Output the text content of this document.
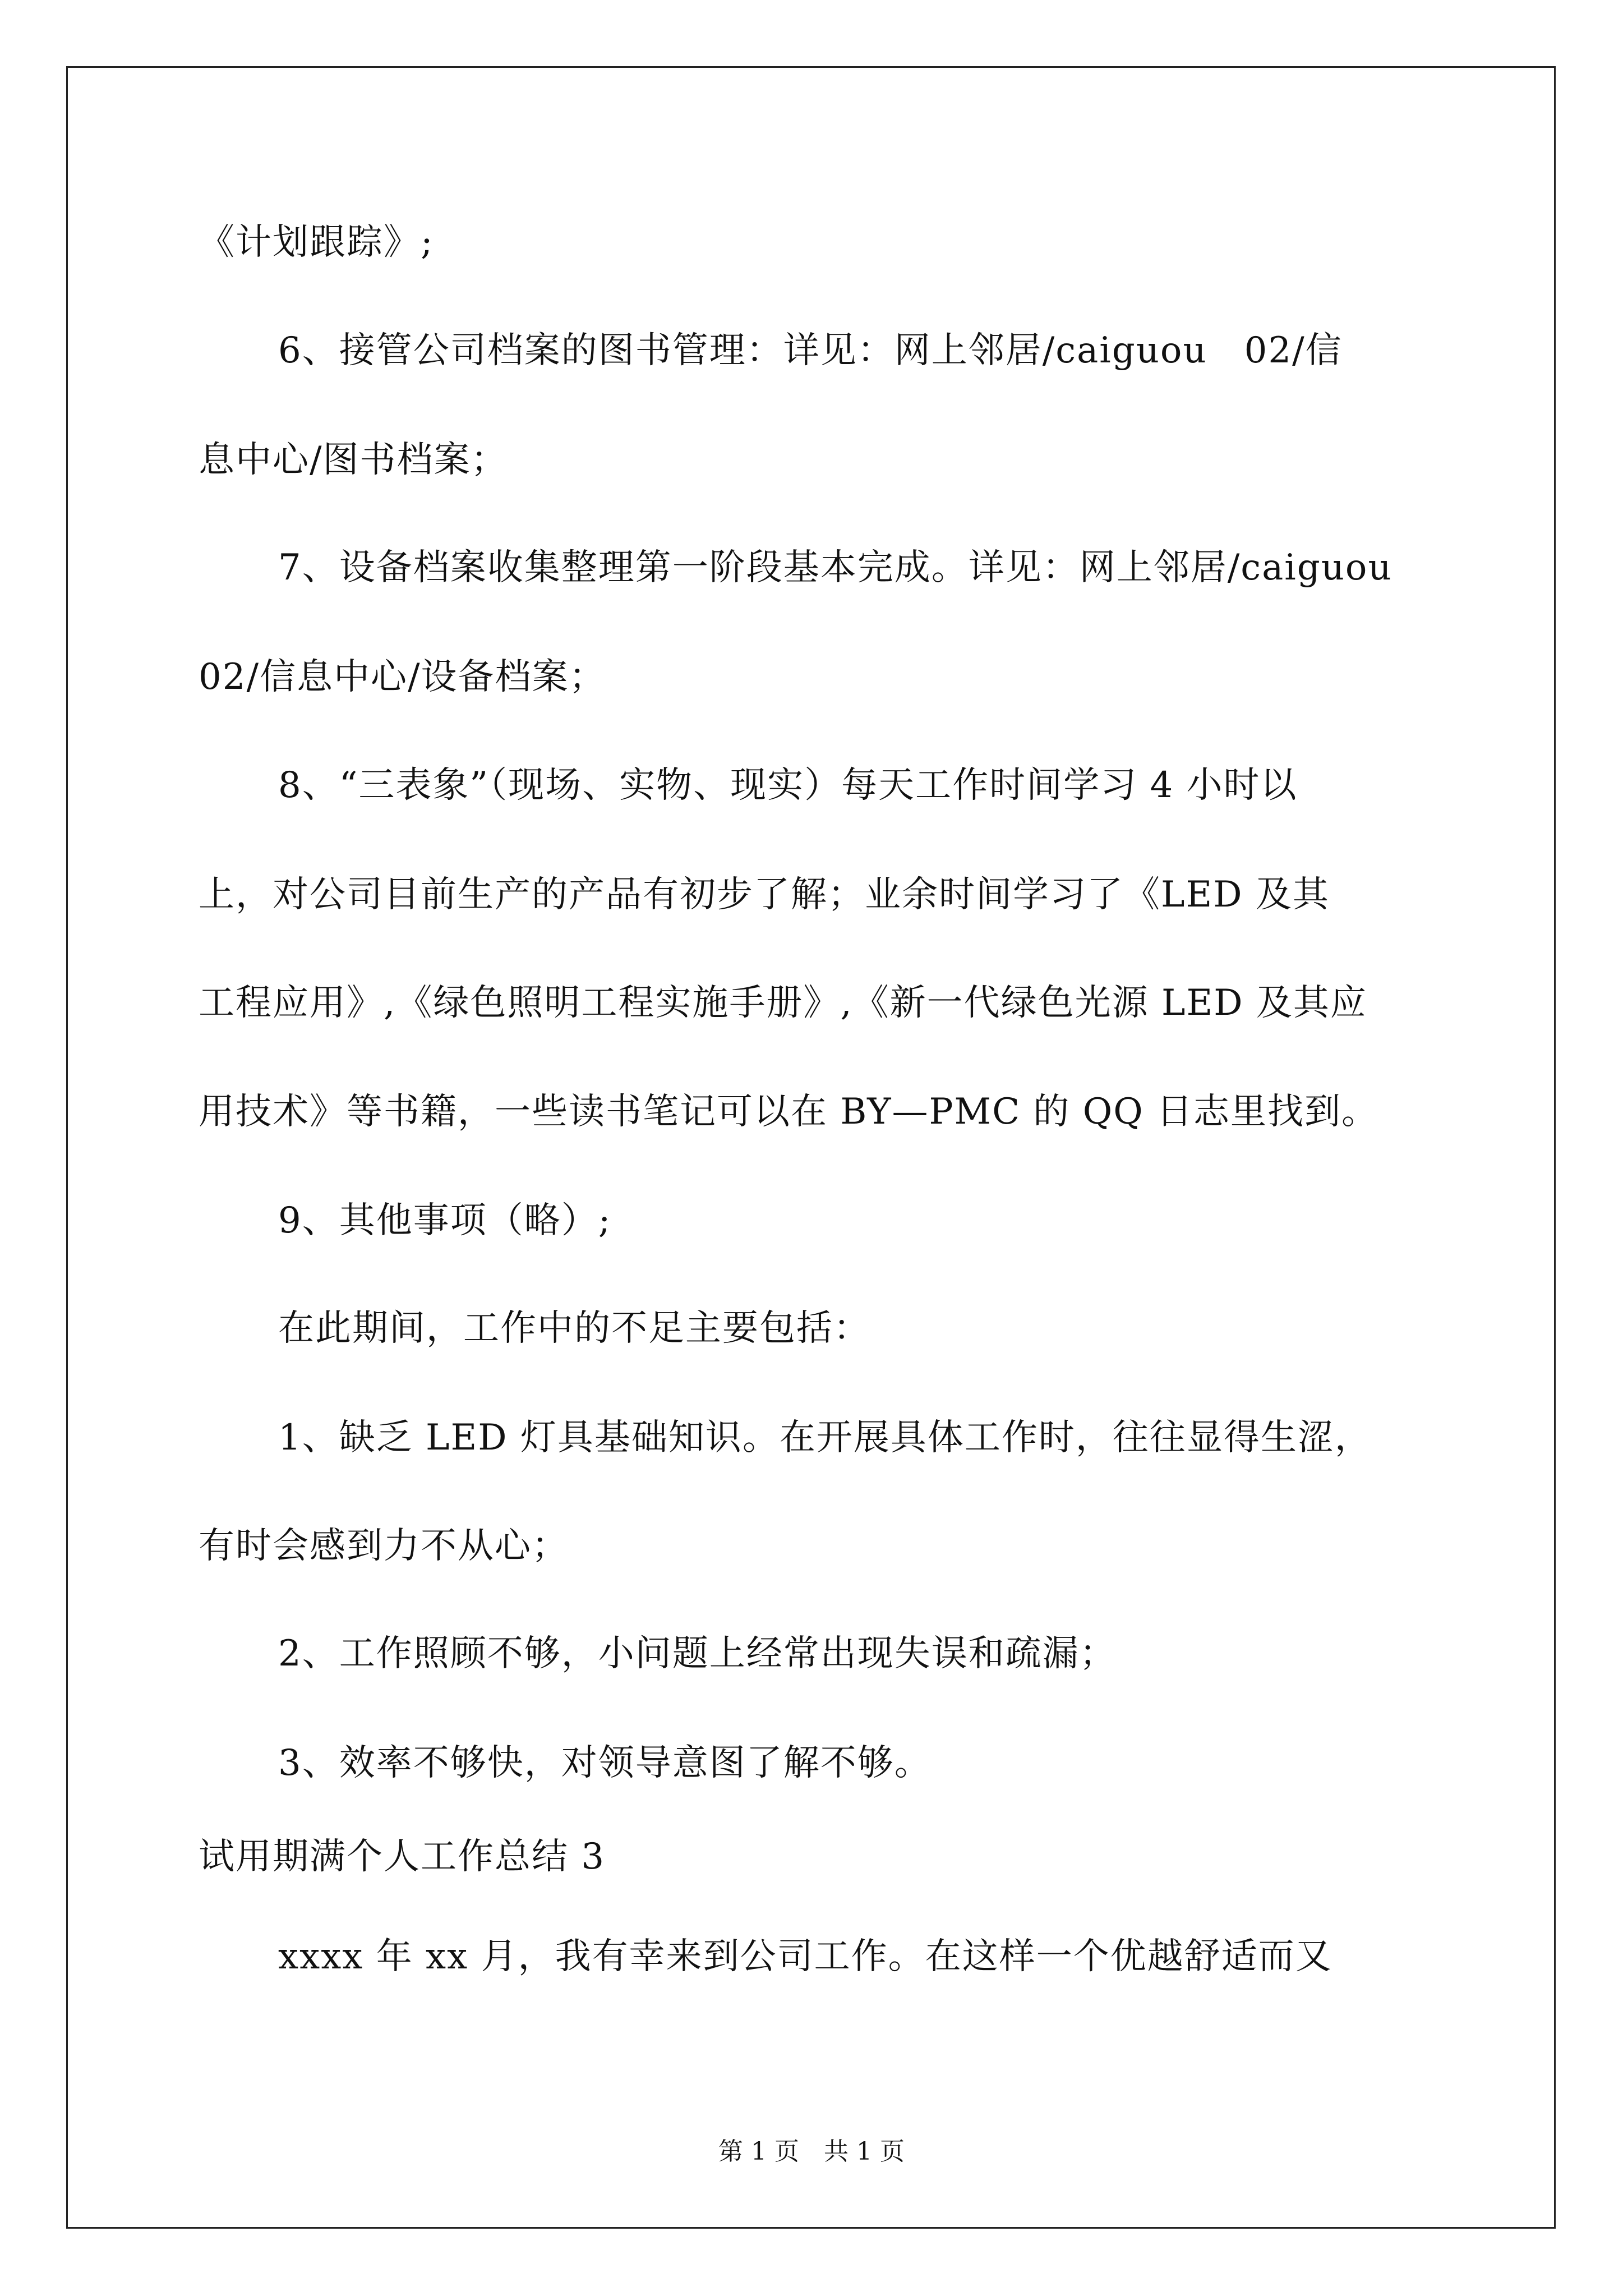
《计划跟踪》;
6、接管公司档案的图书管理：详见：网上邻居/caiguou　02/信
息中心/图书档案；
7、设备档案收集整理第一阶段基本完成。详见：网上邻居/caiguou
02/信息中心/设备档案；
8、“三表象”（现场、实物、现实）每天工作时间学习 4 小时以
上，对公司目前生产的产品有初步了解；业余时间学习了《LED 及其
工程应用》,《绿色照明工程实施手册》,《新一代绿色光源 LED 及其应
用技术》等书籍，一些读书笔记可以在 BY—PMC 的 QQ 日志里找到。
9、其他事项（略）;
在此期间，工作中的不足主要包括：
1、缺乏 LED 灯具基础知识。在开展具体工作时，往往显得生涩，
有时会感到力不从心；
2、工作照顾不够，小问题上经常出现失误和疏漏；
3、效率不够快，对领导意图了解不够。
试用期满个人工作总结 3
xxxx 年 xx 月，我有幸来到公司工作。在这样一个优越舒适而又
第 1 页　共 1 页
